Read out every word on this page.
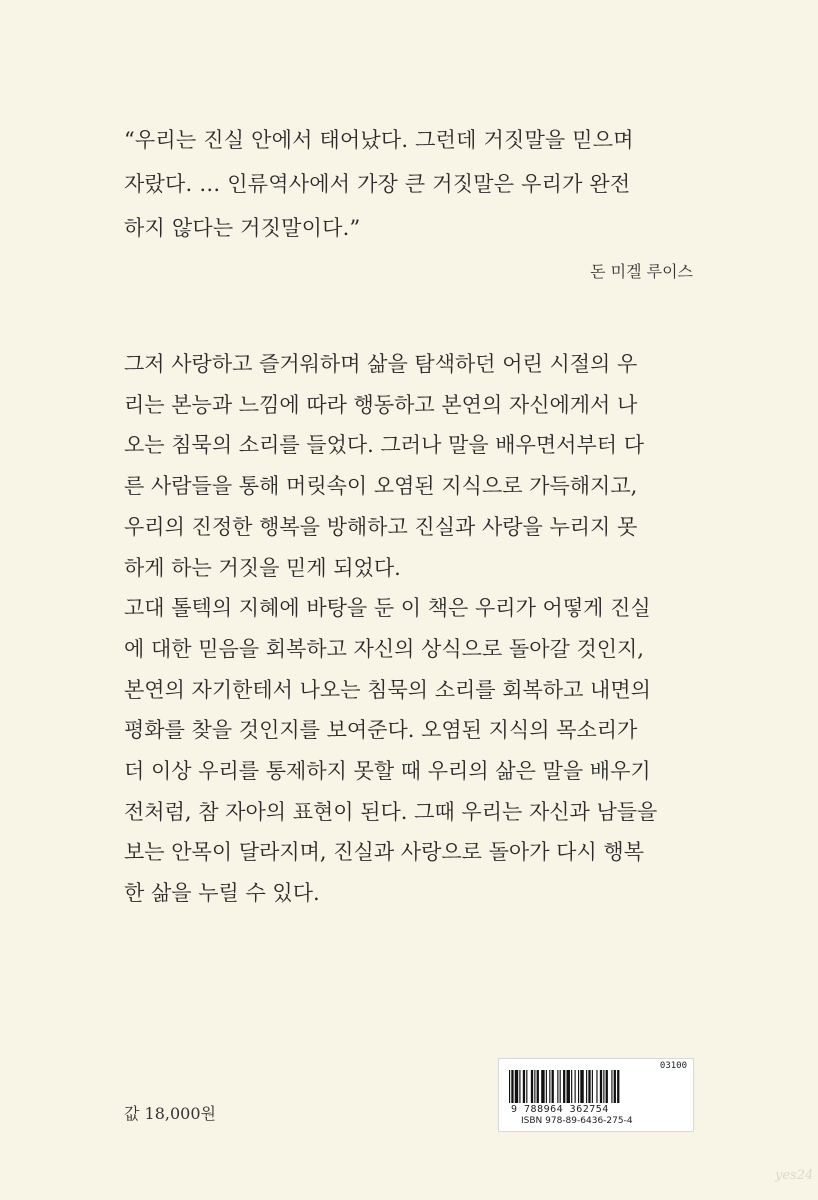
“우리는 진실 안에서 태어났다. 그런데 거짓말을 믿으며

자랐다. … 인류역사에서 가장 큰 거짓말은 우리가 완전

하지 않다는 거짓말이다.”

돈 미겔 루이스

그저 사랑하고 즐거워하며 삶을 탐색하던 어린 시절의 우

리는 본능과 느낌에 따라 행동하고 본연의 자신에게서 나

오는 침묵의 소리를 들었다. 그러나 말을 배우면서부터 다

른 사람들을 통해 머릿속이 오염된 지식으로 가득해지고,

우리의 진정한 행복을 방해하고 진실과 사랑을 누리지 못

하게 하는 거짓을 믿게 되었다.

고대 톨텍의 지혜에 바탕을 둔 이 책은 우리가 어떻게 진실

에 대한 믿음을 회복하고 자신의 상식으로 돌아갈 것인지,

본연의 자기한테서 나오는 침묵의 소리를 회복하고 내면의

평화를 찾을 것인지를 보여준다. 오염된 지식의 목소리가

더 이상 우리를 통제하지 못할 때 우리의 삶은 말을 배우기

전처럼, 참 자아의 표현이 된다. 그때 우리는 자신과 남들을

보는 안목이 달라지며, 진실과 사랑으로 돌아가 다시 행복

한 삶을 누릴 수 있다.

값 18,000원
03100
9 788964 362754
ISBN 978-89-6436-275-4
yes24
